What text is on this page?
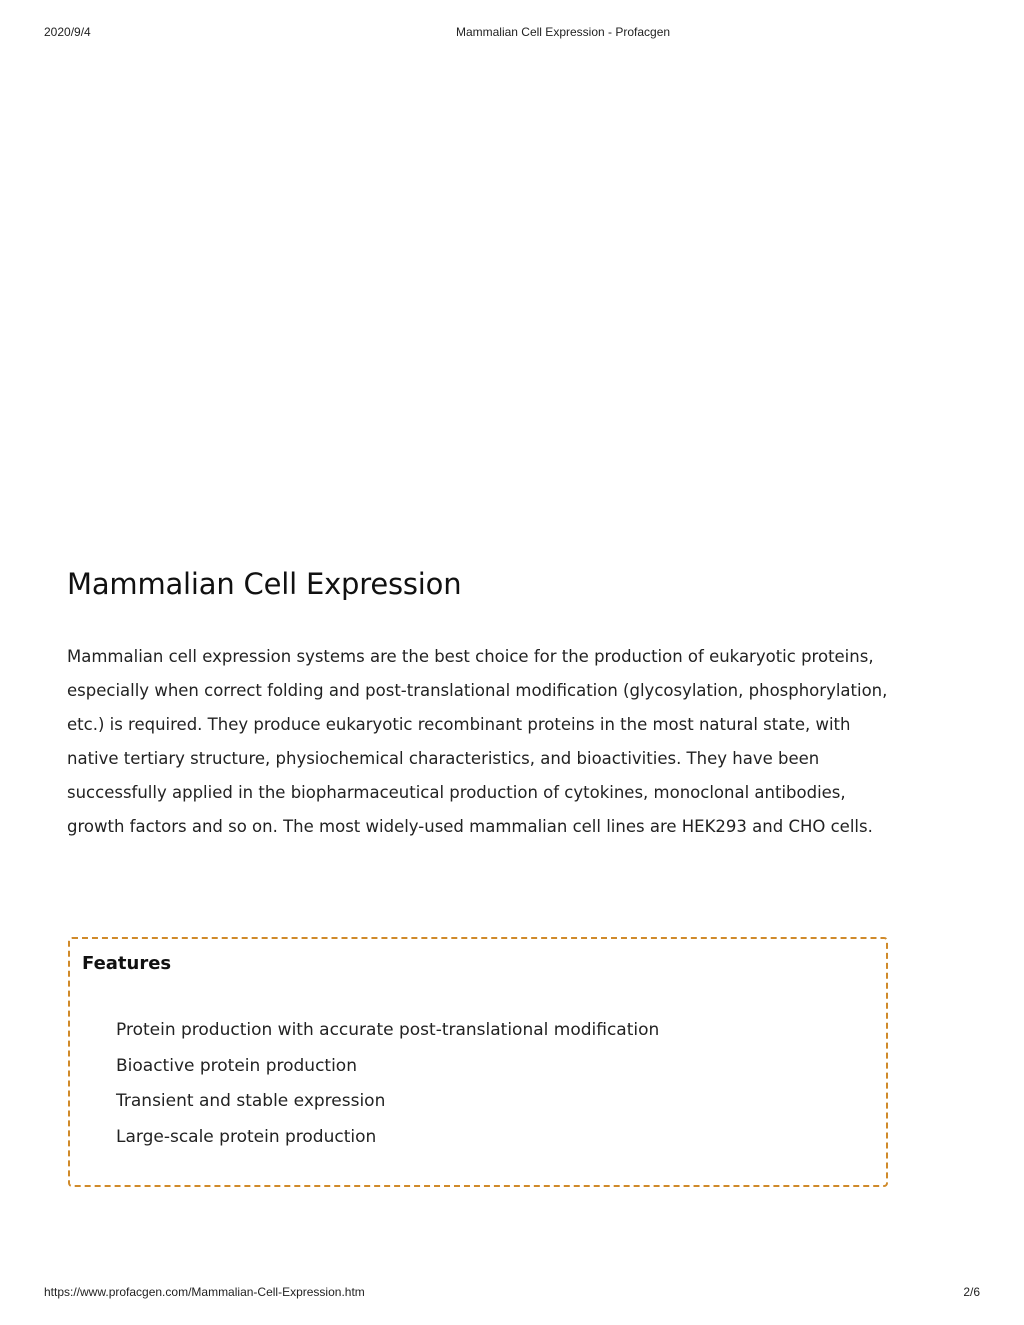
2020/9/4	Mammalian Cell Expression - Profacgen
Mammalian Cell Expression

Mammalian cell expression systems are the best choice for the production of eukaryotic proteins, especially when correct folding and post-translational modification (glycosylation, phosphorylation, etc.) is required. They produce eukaryotic recombinant proteins in the most natural state, with native tertiary structure, physiochemical characteristics, and bioactivities. They have been successfully applied in the biopharmaceutical production of cytokines, monoclonal antibodies, growth factors and so on. The most widely-used mammalian cell lines are HEK293 and CHO cells.

Features
Protein production with accurate post-translational modification
Bioactive protein production
Transient and stable expression
Large-scale protein production
https://www.profacgen.com/Mammalian-Cell-Expression.htm	2/6
